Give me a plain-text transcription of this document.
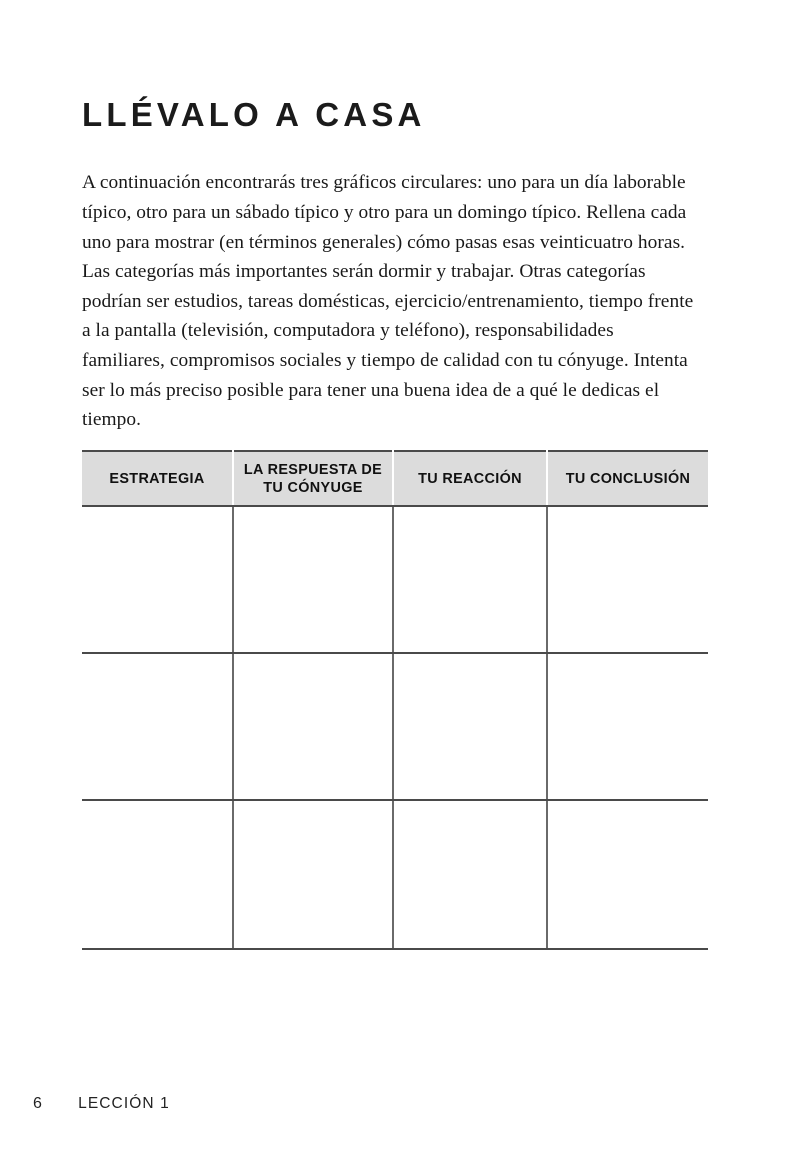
LLÉVALO A CASA

A continuación encontrarás tres gráficos circulares: uno para un día laborable típico, otro para un sábado típico y otro para un domingo típico. Rellena cada uno para mostrar (en términos generales) cómo pasas esas veinticuatro horas. Las categorías más importantes serán dormir y trabajar. Otras categorías podrían ser estudios, tareas domésticas, ejercicio/entrenamiento, tiempo frente a la pantalla (televisión, computadora y teléfono), responsabilidades familiares, compromisos sociales y tiempo de calidad con tu cónyuge. Intenta ser lo más preciso posible para tener una buena idea de a qué le dedicas el tiempo.

ESTRATEGIA	LA RESPUESTA DE TU CÓNYUGE	TU REACCIÓN	TU CONCLUSIÓN

6 LECCIÓN 1
